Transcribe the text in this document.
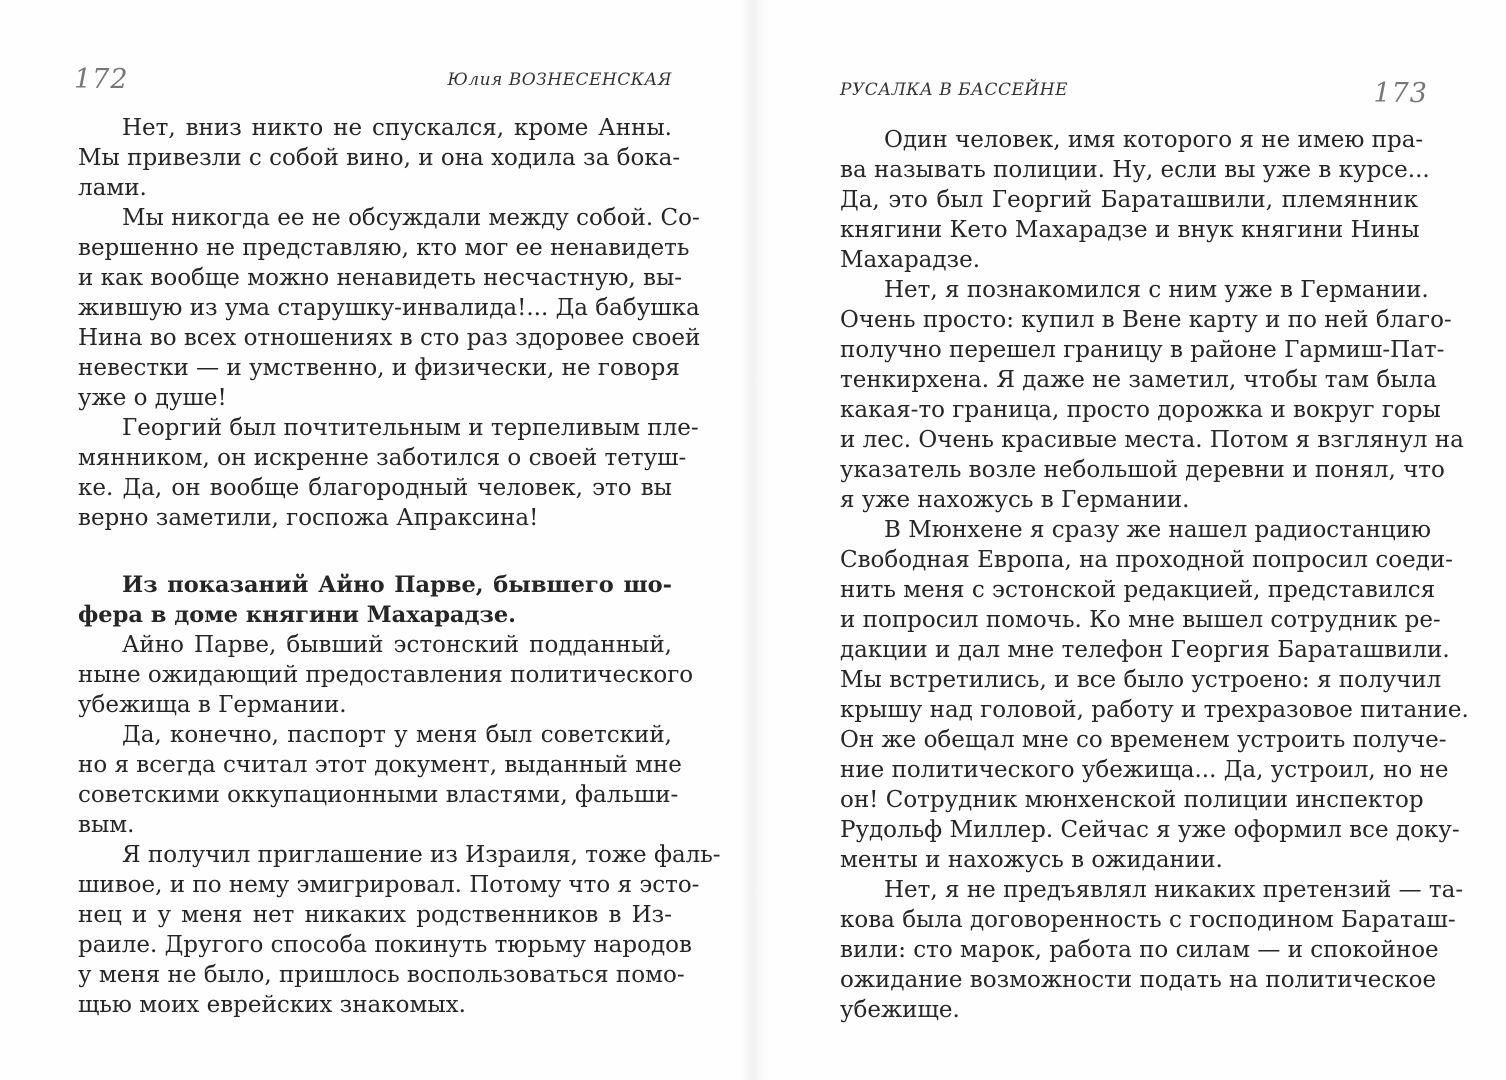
172	Юлия ВОЗНЕСЕНСКАЯ
Нет, вниз никто не спускался, кроме Анны.
Мы привезли с собой вино, и она ходила за бока-
лами.
Мы никогда ее не обсуждали между собой. Со-
вершенно не представляю, кто мог ее ненавидеть
и как вообще можно ненавидеть несчастную, вы-
жившую из ума старушку-инвалида!... Да бабушка
Нина во всех отношениях в сто раз здоровее своей
невестки — и умственно, и физически, не говоря
уже о душе!
Георгий был почтительным и терпеливым пле-
мянником, он искренне заботился о своей тетуш-
ке. Да, он вообще благородный человек, это вы
верно заметили, госпожа Апраксина!
Из показаний Айно Парве, бывшего шо-
фера в доме княгини Махарадзе.
Айно Парве, бывший эстонский подданный,
ныне ожидающий предоставления политического
убежища в Германии.
Да, конечно, паспорт у меня был советский,
но я всегда считал этот документ, выданный мне
советскими оккупационными властями, фальши-
вым.
Я получил приглашение из Израиля, тоже фаль-
шивое, и по нему эмигрировал. Потому что я эсто-
нец и у меня нет никаких родственников в Из-
раиле. Другого способа покинуть тюрьму народов
у меня не было, пришлось воспользоваться помо-
щью моих еврейских знакомых.
173
РУСАЛКА В БАССЕЙНЕ
Один человек, имя которого я не имею пра-
ва называть полиции. Ну, если вы уже в курсе...
Да, это был Георгий Бараташвили, племянник
княгини Кето Махарадзе и внук княгини Нины
Махарадзе.
Нет, я познакомился с ним уже в Германии.
Очень просто: купил в Вене карту и по ней благо-
получно перешел границу в районе Гармиш-Пат-
тенкирхена. Я даже не заметил, чтобы там была
какая-то граница, просто дорожка и вокруг горы
и лес. Очень красивые места. Потом я взглянул на
указатель возле небольшой деревни и понял, что
я уже нахожусь в Германии.
В Мюнхене я сразу же нашел радиостанцию
Свободная Европа, на проходной попросил соеди-
нить меня с эстонской редакцией, представился
и попросил помочь. Ко мне вышел сотрудник ре-
дакции и дал мне телефон Георгия Бараташвили.
Мы встретились, и все было устроено: я получил
крышу над головой, работу и трехразовое питание.
Он же обещал мне со временем устроить получе-
ние политического убежища... Да, устроил, но не
он! Сотрудник мюнхенской полиции инспектор
Рудольф Миллер. Сейчас я уже оформил все доку-
менты и нахожусь в ожидании.
Нет, я не предъявлял никаких претензий — та-
кова была договоренность с господином Бараташ-
вили: сто марок, работа по силам — и спокойное
ожидание возможности подать на политическое
убежище.
